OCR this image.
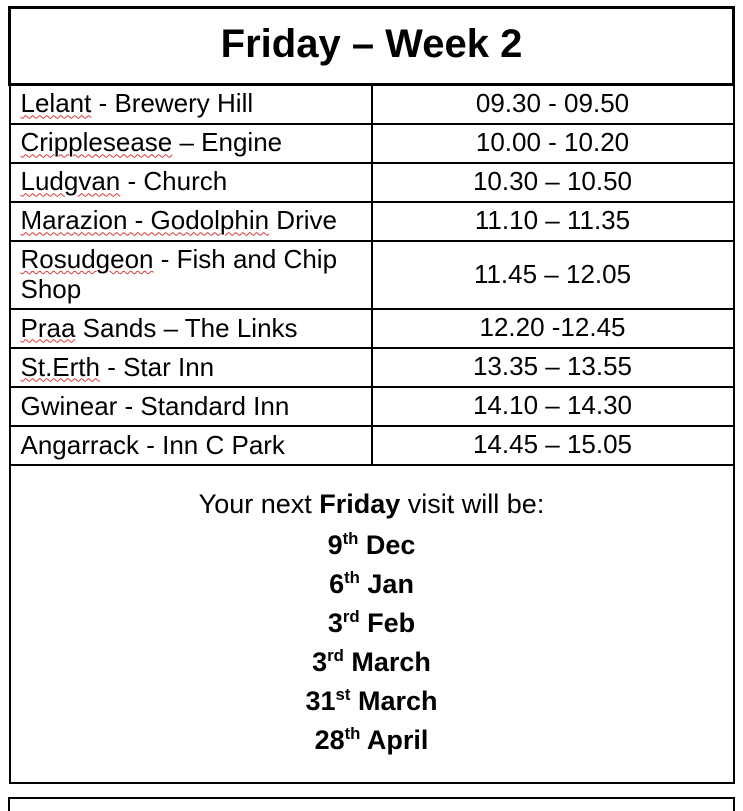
Friday – Week 2	
Lelant - Brewery Hill	09.30 - 09.50
Cripplesease – Engine	10.00 - 10.20
Ludgvan - Church	10.30 – 10.50
Marazion - Godolphin Drive	11.10 – 11.35
Rosudgeon - Fish and Chip
Shop	11.45 – 12.05
Praa Sands – The Links	12.20 -12.45
St.Erth - Star Inn	13.35 – 13.55
Gwinear - Standard Inn	14.10 – 14.30
Angarrack - Inn C Park	14.45 – 15.05

Your next Friday visit will be:
9th Dec
6th Jan
3rd Feb
3rd March
31st March
28th April
